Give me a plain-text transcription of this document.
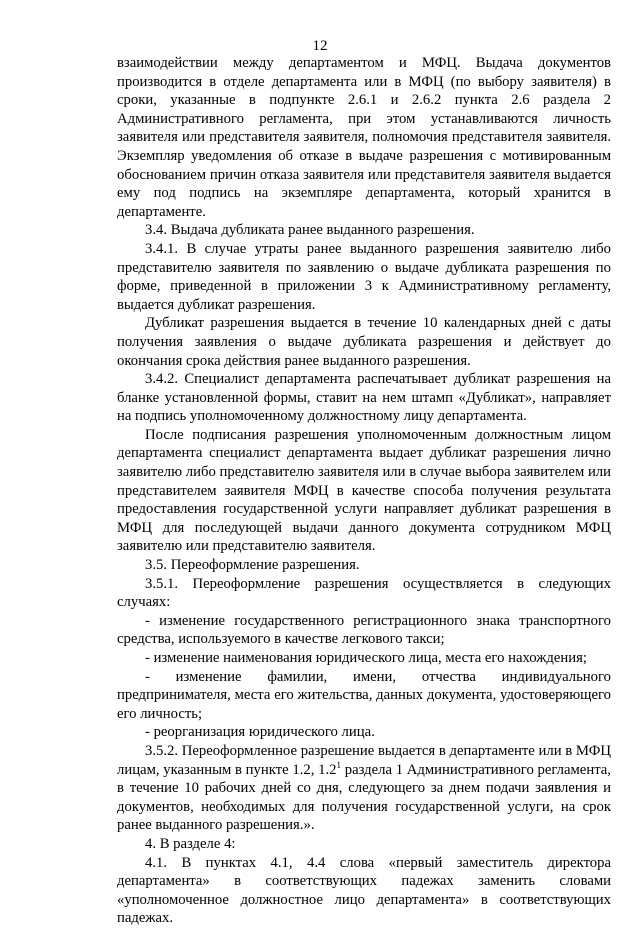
12

взаимодействии между департаментом и МФЦ. Выдача документов производится в отделе департамента или в МФЦ (по выбору заявителя) в сроки, указанные в подпункте 2.6.1 и 2.6.2 пункта 2.6 раздела 2 Административного регламента, при этом устанавливаются личность заявителя или представителя заявителя, полномочия представителя заявителя. Экземпляр уведомления об отказе в выдаче разрешения с мотивированным обоснованием причин отказа заявителя или представителя заявителя выдается ему под подпись на экземпляре департамента, который хранится в департаменте.

3.4. Выдача дубликата ранее выданного разрешения.

3.4.1. В случае утраты ранее выданного разрешения заявителю либо представителю заявителя по заявлению о выдаче дубликата разрешения по форме, приведенной в приложении 3 к Административному регламенту, выдается дубликат разрешения.

Дубликат разрешения выдается в течение 10 календарных дней с даты получения заявления о выдаче дубликата разрешения и действует до окончания срока действия ранее выданного разрешения.

3.4.2. Специалист департамента распечатывает дубликат разрешения на бланке установленной формы, ставит на нем штамп «Дубликат», направляет на подпись уполномоченному должностному лицу департамента.

После подписания разрешения уполномоченным должностным лицом департамента специалист департамента выдает дубликат разрешения лично заявителю либо представителю заявителя или в случае выбора заявителем или представителем заявителя МФЦ в качестве способа получения результата предоставления государственной услуги направляет дубликат разрешения в МФЦ для последующей выдачи данного документа сотрудником МФЦ заявителю или представителю заявителя.

3.5. Переоформление разрешения.

3.5.1. Переоформление разрешения осуществляется в следующих случаях:

- изменение государственного регистрационного знака транспортного средства, используемого в качестве легкового такси;

- изменение наименования юридического лица, места его нахождения;

- изменение фамилии, имени, отчества индивидуального предпринимателя, места его жительства, данных документа, удостоверяющего его личность;

- реорганизация юридического лица.

3.5.2. Переоформленное разрешение выдается в департаменте или в МФЦ лицам, указанным в пункте 1.2, $1.2^1$ раздела 1 Административного регламента, в течение 10 рабочих дней со дня, следующего за днем подачи заявления и документов, необходимых для получения государственной услуги, на срок ранее выданного разрешения.».

4. В разделе 4:

4.1. В пунктах 4.1, 4.4 слова «первый заместитель директора департамента» в соответствующих падежах заменить словами «уполномоченное должностное лицо департамента» в соответствующих падежах.
